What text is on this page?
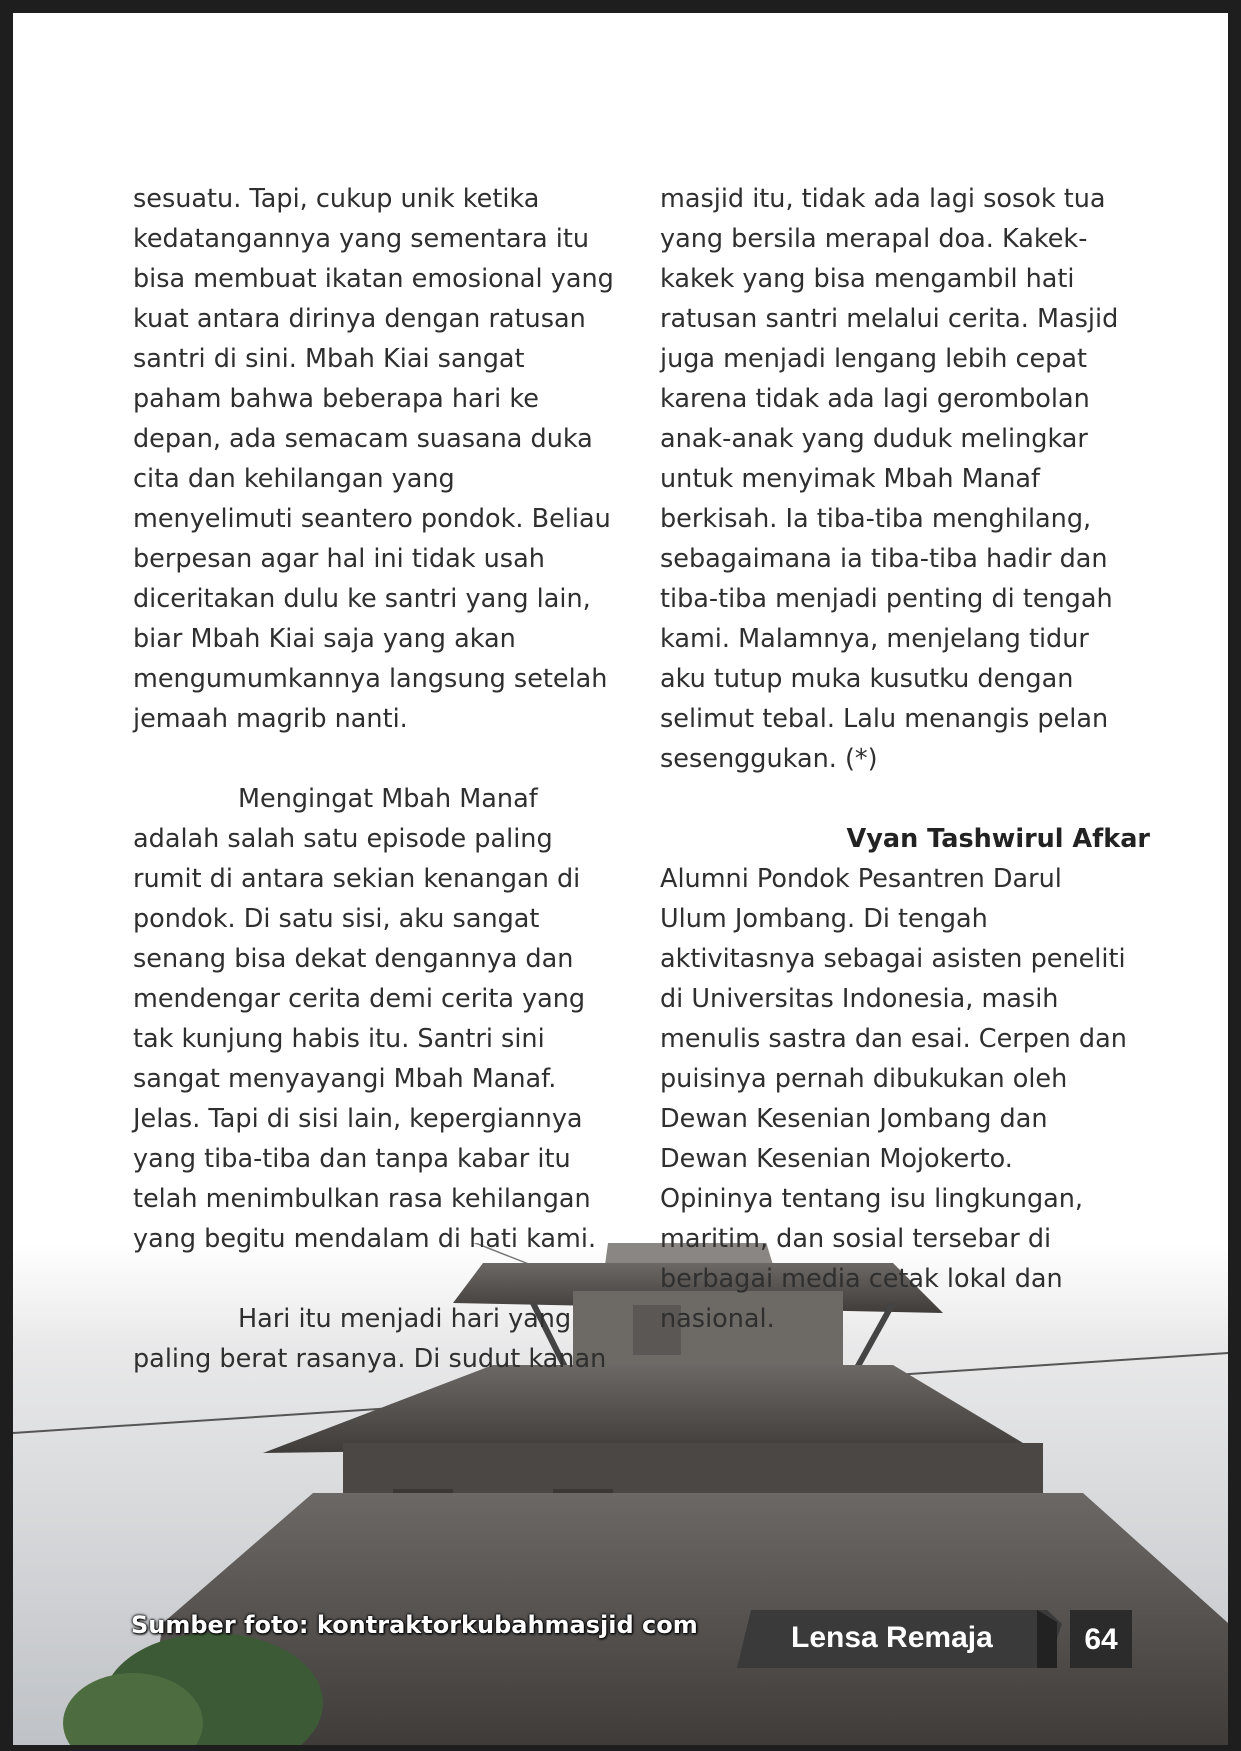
sesuatu. Tapi, cukup unik ketika

kedatangannya yang sementara itu

bisa membuat ikatan emosional yang

kuat antara dirinya dengan ratusan

santri di sini. Mbah Kiai sangat

paham bahwa beberapa hari ke

depan, ada semacam suasana duka

cita dan kehilangan yang

menyelimuti seantero pondok. Beliau

berpesan agar hal ini tidak usah

diceritakan dulu ke santri yang lain,

biar Mbah Kiai saja yang akan

mengumumkannya langsung setelah

jemaah magrib nanti.

Mengingat Mbah Manaf

adalah salah satu episode paling

rumit di antara sekian kenangan di

pondok. Di satu sisi, aku sangat

senang bisa dekat dengannya dan

mendengar cerita demi cerita yang

tak kunjung habis itu. Santri sini

sangat menyayangi Mbah Manaf.

Jelas. Tapi di sisi lain, kepergiannya

yang tiba-tiba dan tanpa kabar itu

telah menimbulkan rasa kehilangan

yang begitu mendalam di hati kami.

Hari itu menjadi hari yang

paling berat rasanya. Di sudut kanan

masjid itu, tidak ada lagi sosok tua

yang bersila merapal doa. Kakek-

kakek yang bisa mengambil hati

ratusan santri melalui cerita. Masjid

juga menjadi lengang lebih cepat

karena tidak ada lagi gerombolan

anak-anak yang duduk melingkar

untuk menyimak Mbah Manaf

berkisah. Ia tiba-tiba menghilang,

sebagaimana ia tiba-tiba hadir dan

tiba-tiba menjadi penting di tengah

kami. Malamnya, menjelang tidur

aku tutup muka kusutku dengan

selimut tebal. Lalu menangis pelan

sesenggukan. (*)

Vyan Tashwirul Afkar

Alumni Pondok Pesantren Darul

Ulum Jombang. Di tengah

aktivitasnya sebagai asisten peneliti

di Universitas Indonesia, masih

menulis sastra dan esai. Cerpen dan

puisinya pernah dibukukan oleh

Dewan Kesenian Jombang dan

Dewan Kesenian Mojokerto.

Opininya tentang isu lingkungan,

maritim, dan sosial tersebar di

berbagai media cetak lokal dan

nasional.

Sumber foto: kontraktorkubahmasjid com	Lensa Remaja	64
